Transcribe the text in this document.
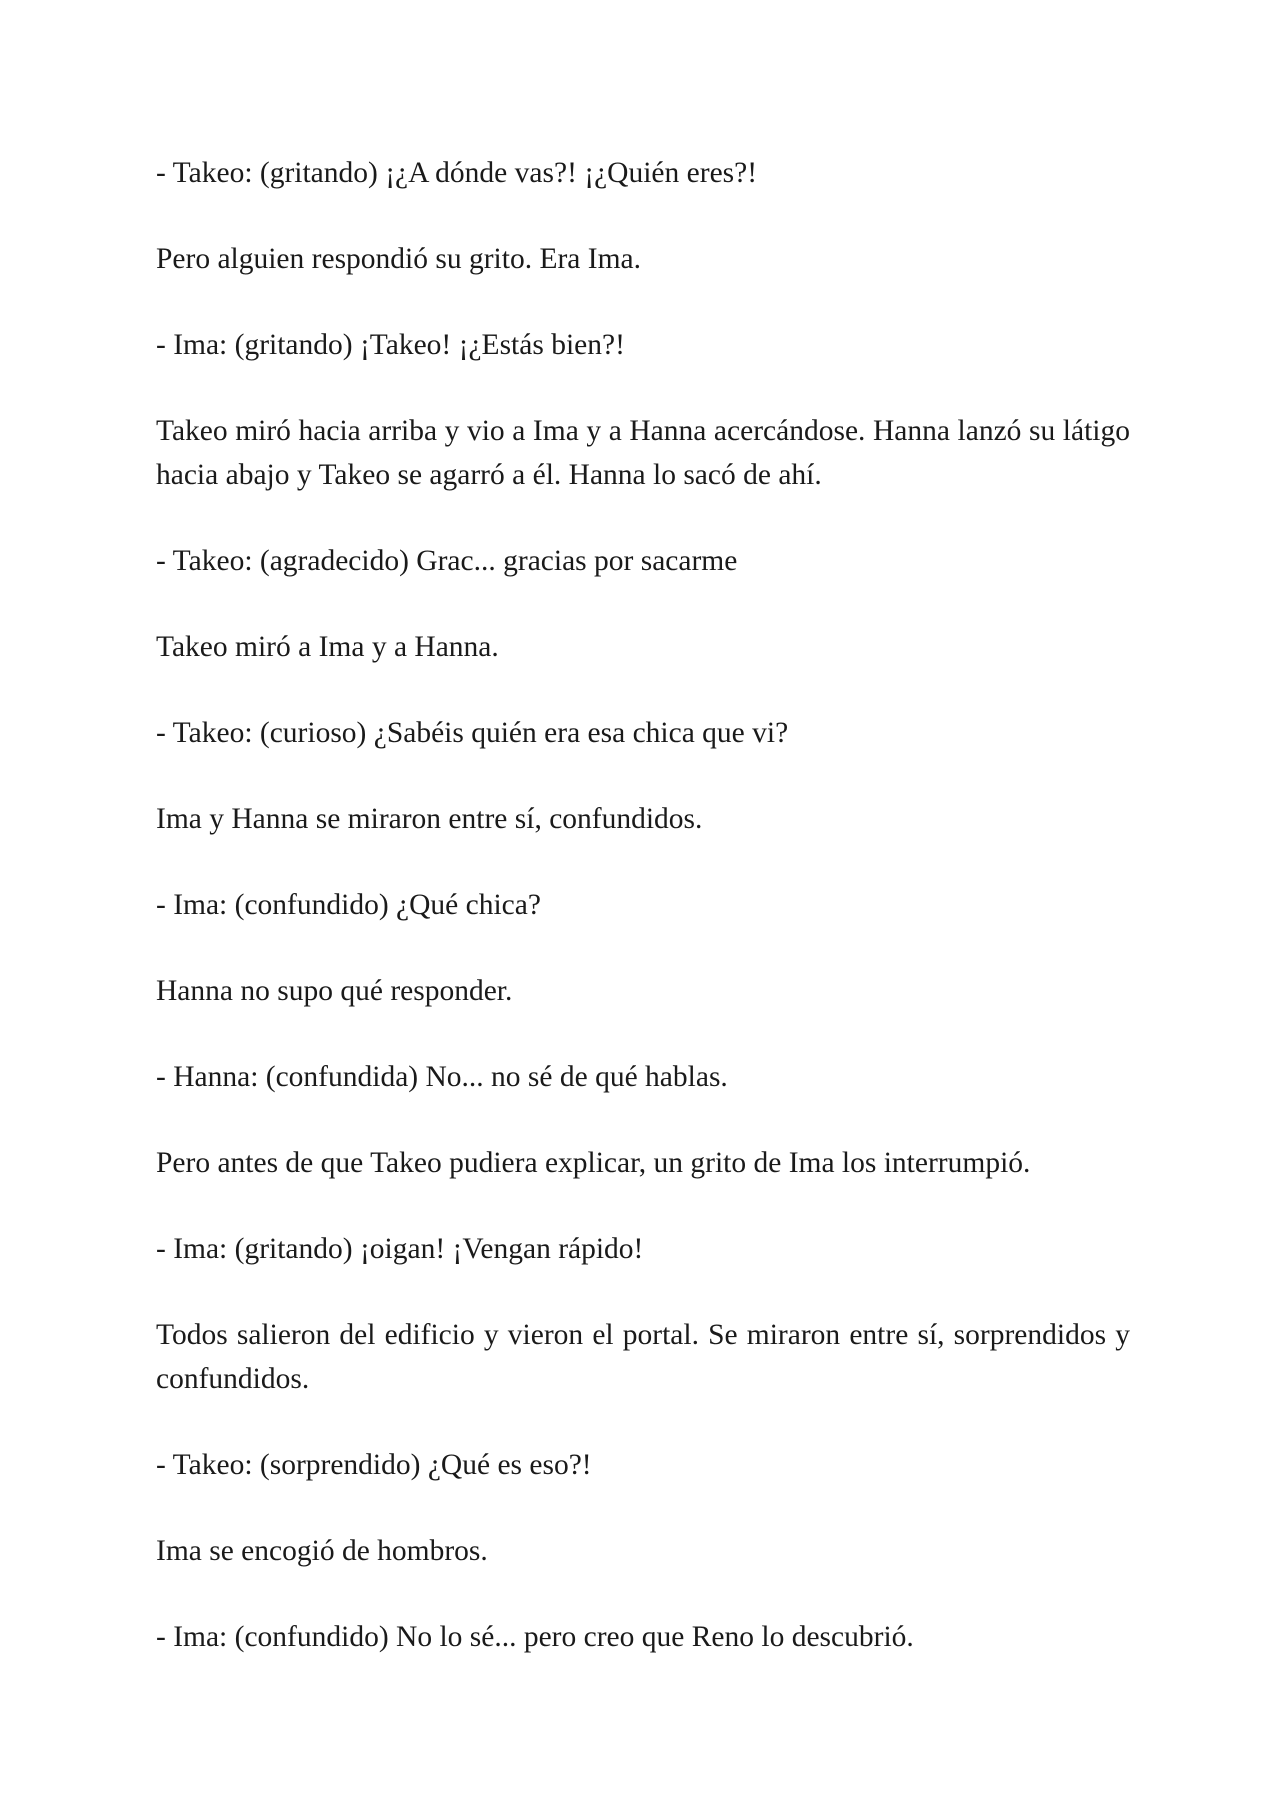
- Takeo: (gritando) ¡¿A dónde vas?! ¡¿Quién eres?!

Pero alguien respondió su grito. Era Ima.

- Ima: (gritando) ¡Takeo! ¡¿Estás bien?!

Takeo miró hacia arriba y vio a Ima y a Hanna acercándose. Hanna lanzó su látigo hacia abajo y Takeo se agarró a él. Hanna lo sacó de ahí.

- Takeo: (agradecido) Grac... gracias por sacarme

Takeo miró a Ima y a Hanna.

- Takeo: (curioso) ¿Sabéis quién era esa chica que vi?

Ima y Hanna se miraron entre sí, confundidos.

- Ima: (confundido) ¿Qué chica?

Hanna no supo qué responder.

- Hanna: (confundida) No... no sé de qué hablas.

Pero antes de que Takeo pudiera explicar, un grito de Ima los interrumpió.

- Ima: (gritando) ¡oigan! ¡Vengan rápido!

Todos salieron del edificio y vieron el portal. Se miraron entre sí, sorprendidos y confundidos.

- Takeo: (sorprendido) ¿Qué es eso?!

Ima se encogió de hombros.

- Ima: (confundido) No lo sé... pero creo que Reno lo descubrió.
